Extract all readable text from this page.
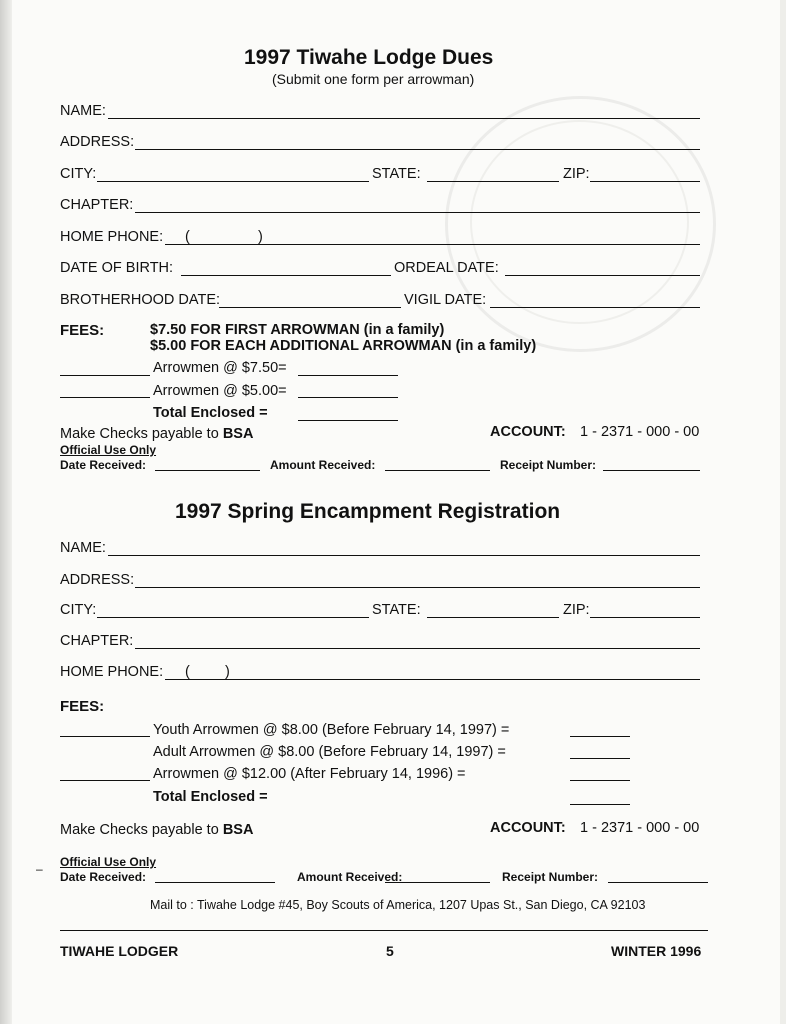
1997 Tiwahe Lodge Dues
(Submit one form per arrowman)
NAME:
ADDRESS:
CITY:	STATE:	ZIP:
CHAPTER:
HOME PHONE: (	)
DATE OF BIRTH:	ORDEAL DATE:
BROTHERHOOD DATE:	VIGIL DATE:
FEES:	$7.50 FOR FIRST ARROWMAN (in a family)
$5.00 FOR EACH ADDITIONAL ARROWMAN (in a family)
Arrowmen @ $7.50=
Arrowmen @ $5.00=
Total Enclosed =
Make Checks payable to BSA	ACCOUNT: 1 - 2371 - 000 - 00
Official Use Only
Date Received:	Amount Received:	Receipt Number:
1997 Spring Encampment Registration
NAME:
ADDRESS:
CITY:	STATE:	ZIP:
CHAPTER:
HOME PHONE: ( )
FEES:
Youth Arrowmen @ $8.00 (Before February 14, 1997) =
Adult Arrowmen @ $8.00 (Before February 14, 1997) =
Arrowmen @ $12.00 (After February 14, 1996) =
Total Enclosed =
Make Checks payable to BSA	ACCOUNT: 1 - 2371 - 000 - 00
– Official Use Only
Date Received:	Amount Received:	Receipt Number:
Mail to : Tiwahe Lodge #45, Boy Scouts of America, 1207 Upas St., San Diego, CA 92103
TIWAHE LODGER	5	WINTER 1996
